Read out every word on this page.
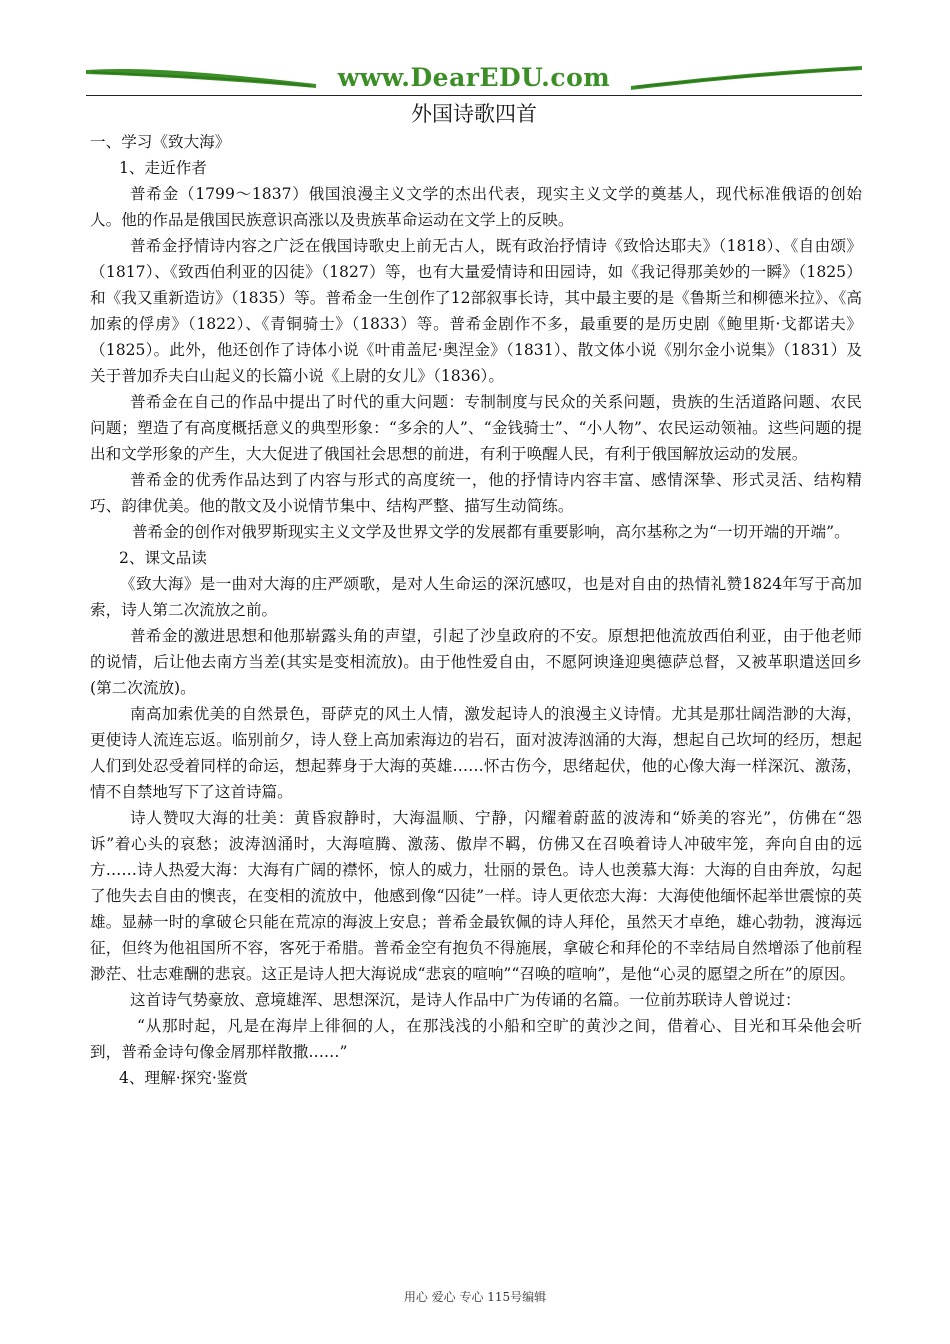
www.DearEDU.com
外国诗歌四首

一、学习《致大海》

1、走近作者

普希金（1799～1837）俄国浪漫主义文学的杰出代表，现实主义文学的奠基人，现代标准俄语的创始人。他的作品是俄国民族意识高涨以及贵族革命运动在文学上的反映。

普希金抒情诗内容之广泛在俄国诗歌史上前无古人，既有政治抒情诗《致恰达耶夫》（1818）、《自由颂》（1817）、《致西伯利亚的囚徒》（1827）等，也有大量爱情诗和田园诗，如《我记得那美妙的一瞬》（1825）和《我又重新造访》（1835）等。普希金一生创作了12部叙事长诗，其中最主要的是《鲁斯兰和柳德米拉》、《高加索的俘虏》（1822）、《青铜骑士》（1833）等。普希金剧作不多，最重要的是历史剧《鲍里斯·戈都诺夫》（1825）。此外，他还创作了诗体小说《叶甫盖尼·奥涅金》（1831）、散文体小说《别尔金小说集》（1831）及关于普加乔夫白山起义的长篇小说《上尉的女儿》（1836）。

普希金在自己的作品中提出了时代的重大问题：专制制度与民众的关系问题，贵族的生活道路问题、农民问题；塑造了有高度概括意义的典型形象：“多余的人”、“金钱骑士”、“小人物”、农民运动领袖。这些问题的提出和文学形象的产生，大大促进了俄国社会思想的前进，有利于唤醒人民，有利于俄国解放运动的发展。

普希金的优秀作品达到了内容与形式的高度统一，他的抒情诗内容丰富、感情深挚、形式灵活、结构精巧、韵律优美。他的散文及小说情节集中、结构严整、描写生动简练。

普希金的创作对俄罗斯现实主义文学及世界文学的发展都有重要影响，高尔基称之为“一切开端的开端”。

2、课文品读

《致大海》是一曲对大海的庄严颂歌，是对人生命运的深沉感叹，也是对自由的热情礼赞1824年写于高加索，诗人第二次流放之前。

普希金的激进思想和他那崭露头角的声望，引起了沙皇政府的不安。原想把他流放西伯利亚，由于他老师的说情，后让他去南方当差(其实是变相流放)。由于他性爱自由，不愿阿谀逢迎奥德萨总督，又被革职遣送回乡(第二次流放)。

南高加索优美的自然景色，哥萨克的风土人情，激发起诗人的浪漫主义诗情。尤其是那壮阔浩渺的大海，更使诗人流连忘返。临别前夕，诗人登上高加索海边的岩石，面对波涛汹涌的大海，想起自己坎坷的经历，想起人们到处忍受着同样的命运，想起葬身于大海的英雄……怀古伤今，思绪起伏，他的心像大海一样深沉、激荡，情不自禁地写下了这首诗篇。

诗人赞叹大海的壮美：黄昏寂静时，大海温顺、宁静，闪耀着蔚蓝的波涛和“娇美的容光”，仿佛在“怨诉”着心头的哀愁；波涛汹涌时，大海喧腾、激荡、傲岸不羁，仿佛又在召唤着诗人冲破牢笼，奔向自由的远方……诗人热爱大海：大海有广阔的襟怀，惊人的威力，壮丽的景色。诗人也羡慕大海：大海的自由奔放，勾起了他失去自由的懊丧，在变相的流放中，他感到像“囚徒”一样。诗人更依恋大海：大海使他缅怀起举世震惊的英雄。显赫一时的拿破仑只能在荒凉的海波上安息；普希金最钦佩的诗人拜伦，虽然天才卓绝，雄心勃勃，渡海远征，但终为他祖国所不容，客死于希腊。普希金空有抱负不得施展，拿破仑和拜伦的不幸结局自然增添了他前程渺茫、壮志难酬的悲哀。这正是诗人把大海说成“悲哀的喧响”“召唤的喧响”，是他“心灵的愿望之所在”的原因。

这首诗气势豪放、意境雄浑、思想深沉，是诗人作品中广为传诵的名篇。一位前苏联诗人曾说过：

“从那时起，凡是在海岸上徘徊的人，在那浅浅的小船和空旷的黄沙之间，借着心、目光和耳朵他会听到，普希金诗句像金屑那样散撒……”

4、理解·探究·鉴赏

用心 爱心 专心 115号编辑
